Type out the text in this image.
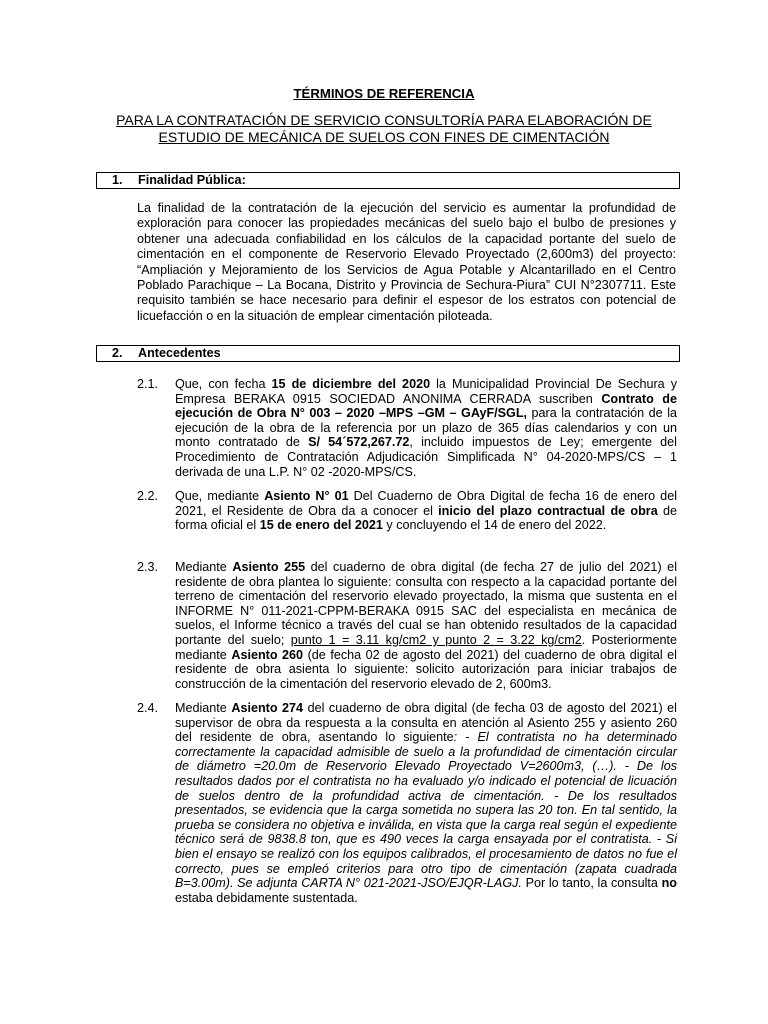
TÉRMINOS DE REFERENCIA
PARA LA CONTRATACIÓN DE SERVICIO CONSULTORÍA PARA ELABORACIÓN DE ESTUDIO DE MECÁNICA DE SUELOS CON FINES DE CIMENTACIÓN
1. Finalidad Pública:

La finalidad de la contratación de la ejecución del servicio es aumentar la profundidad de exploración para conocer las propiedades mecánicas del suelo bajo el bulbo de presiones y obtener una adecuada confiabilidad en los cálculos de la capacidad portante del suelo de cimentación en el componente de Reservorio Elevado Proyectado (2,600m3) del proyecto: “Ampliación y Mejoramiento de los Servicios de Agua Potable y Alcantarillado en el Centro Poblado Parachique – La Bocana, Distrito y Provincia de Sechura-Piura” CUI N°2307711. Este requisito también se hace necesario para definir el espesor de los estratos con potencial de licuefacción o en la situación de emplear cimentación piloteada.

2. Antecedentes
2.1.	Que, con fecha 15 de diciembre del 2020 la Municipalidad Provincial De Sechura y Empresa BERAKA 0915 SOCIEDAD ANONIMA CERRADA suscriben Contrato de ejecución de Obra N° 003 – 2020 –MPS –GM – GAyF/SGL, para la contratación de la ejecución de la obra de la referencia por un plazo de 365 días calendarios y con un monto contratado de S/ 54´572,267.72, incluido impuestos de Ley; emergente del Procedimiento de Contratación Adjudicación Simplificada N° 04-2020-MPS/CS – 1 derivada de una L.P. N° 02 -2020-MPS/CS.
2.2.	Que, mediante Asiento N° 01 Del Cuaderno de Obra Digital de fecha 16 de enero del 2021, el Residente de Obra da a conocer el inicio del plazo contractual de obra de forma oficial el 15 de enero del 2021 y concluyendo el 14 de enero del 2022.
2.3.	Mediante Asiento 255 del cuaderno de obra digital (de fecha 27 de julio del 2021) el residente de obra plantea lo siguiente: consulta con respecto a la capacidad portante del terreno de cimentación del reservorio elevado proyectado, la misma que sustenta en el INFORME N° 011-2021-CPPM-BERAKA 0915 SAC del especialista en mecánica de suelos, el Informe técnico a través del cual se han obtenido resultados de la capacidad portante del suelo; punto 1 = 3.11 kg/cm2 y punto 2 = 3.22 kg/cm2. Posteriormente mediante Asiento 260 (de fecha 02 de agosto del 2021) del cuaderno de obra digital el residente de obra asienta lo siguiente: solicito autorización para iniciar trabajos de construcción de la cimentación del reservorio elevado de 2, 600m3.
2.4.	Mediante Asiento 274 del cuaderno de obra digital (de fecha 03 de agosto del 2021) el supervisor de obra da respuesta a la consulta en atención al Asiento 255 y asiento 260 del residente de obra, asentando lo siguiente: - El contratista no ha determinado correctamente la capacidad admisible de suelo a la profundidad de cimentación circular de diámetro =20.0m de Reservorio Elevado Proyectado V=2600m3, (…). - De los resultados dados por el contratista no ha evaluado y/o indicado el potencial de licuación de suelos dentro de la profundidad activa de cimentación. - De los resultados presentados, se evidencia que la carga sometida no supera las 20 ton. En tal sentido, la prueba se considera no objetiva e inválida, en vista que la carga real según el expediente técnico será de 9838.8 ton, que es 490 veces la carga ensayada por el contratista. - Si bien el ensayo se realizó con los equipos calibrados, el procesamiento de datos no fue el correcto, pues se empleó criterios para otro tipo de cimentación (zapata cuadrada B=3.00m). Se adjunta CARTA N° 021-2021-JSO/EJQR-LAGJ. Por lo tanto, la consulta no estaba debidamente sustentada.
